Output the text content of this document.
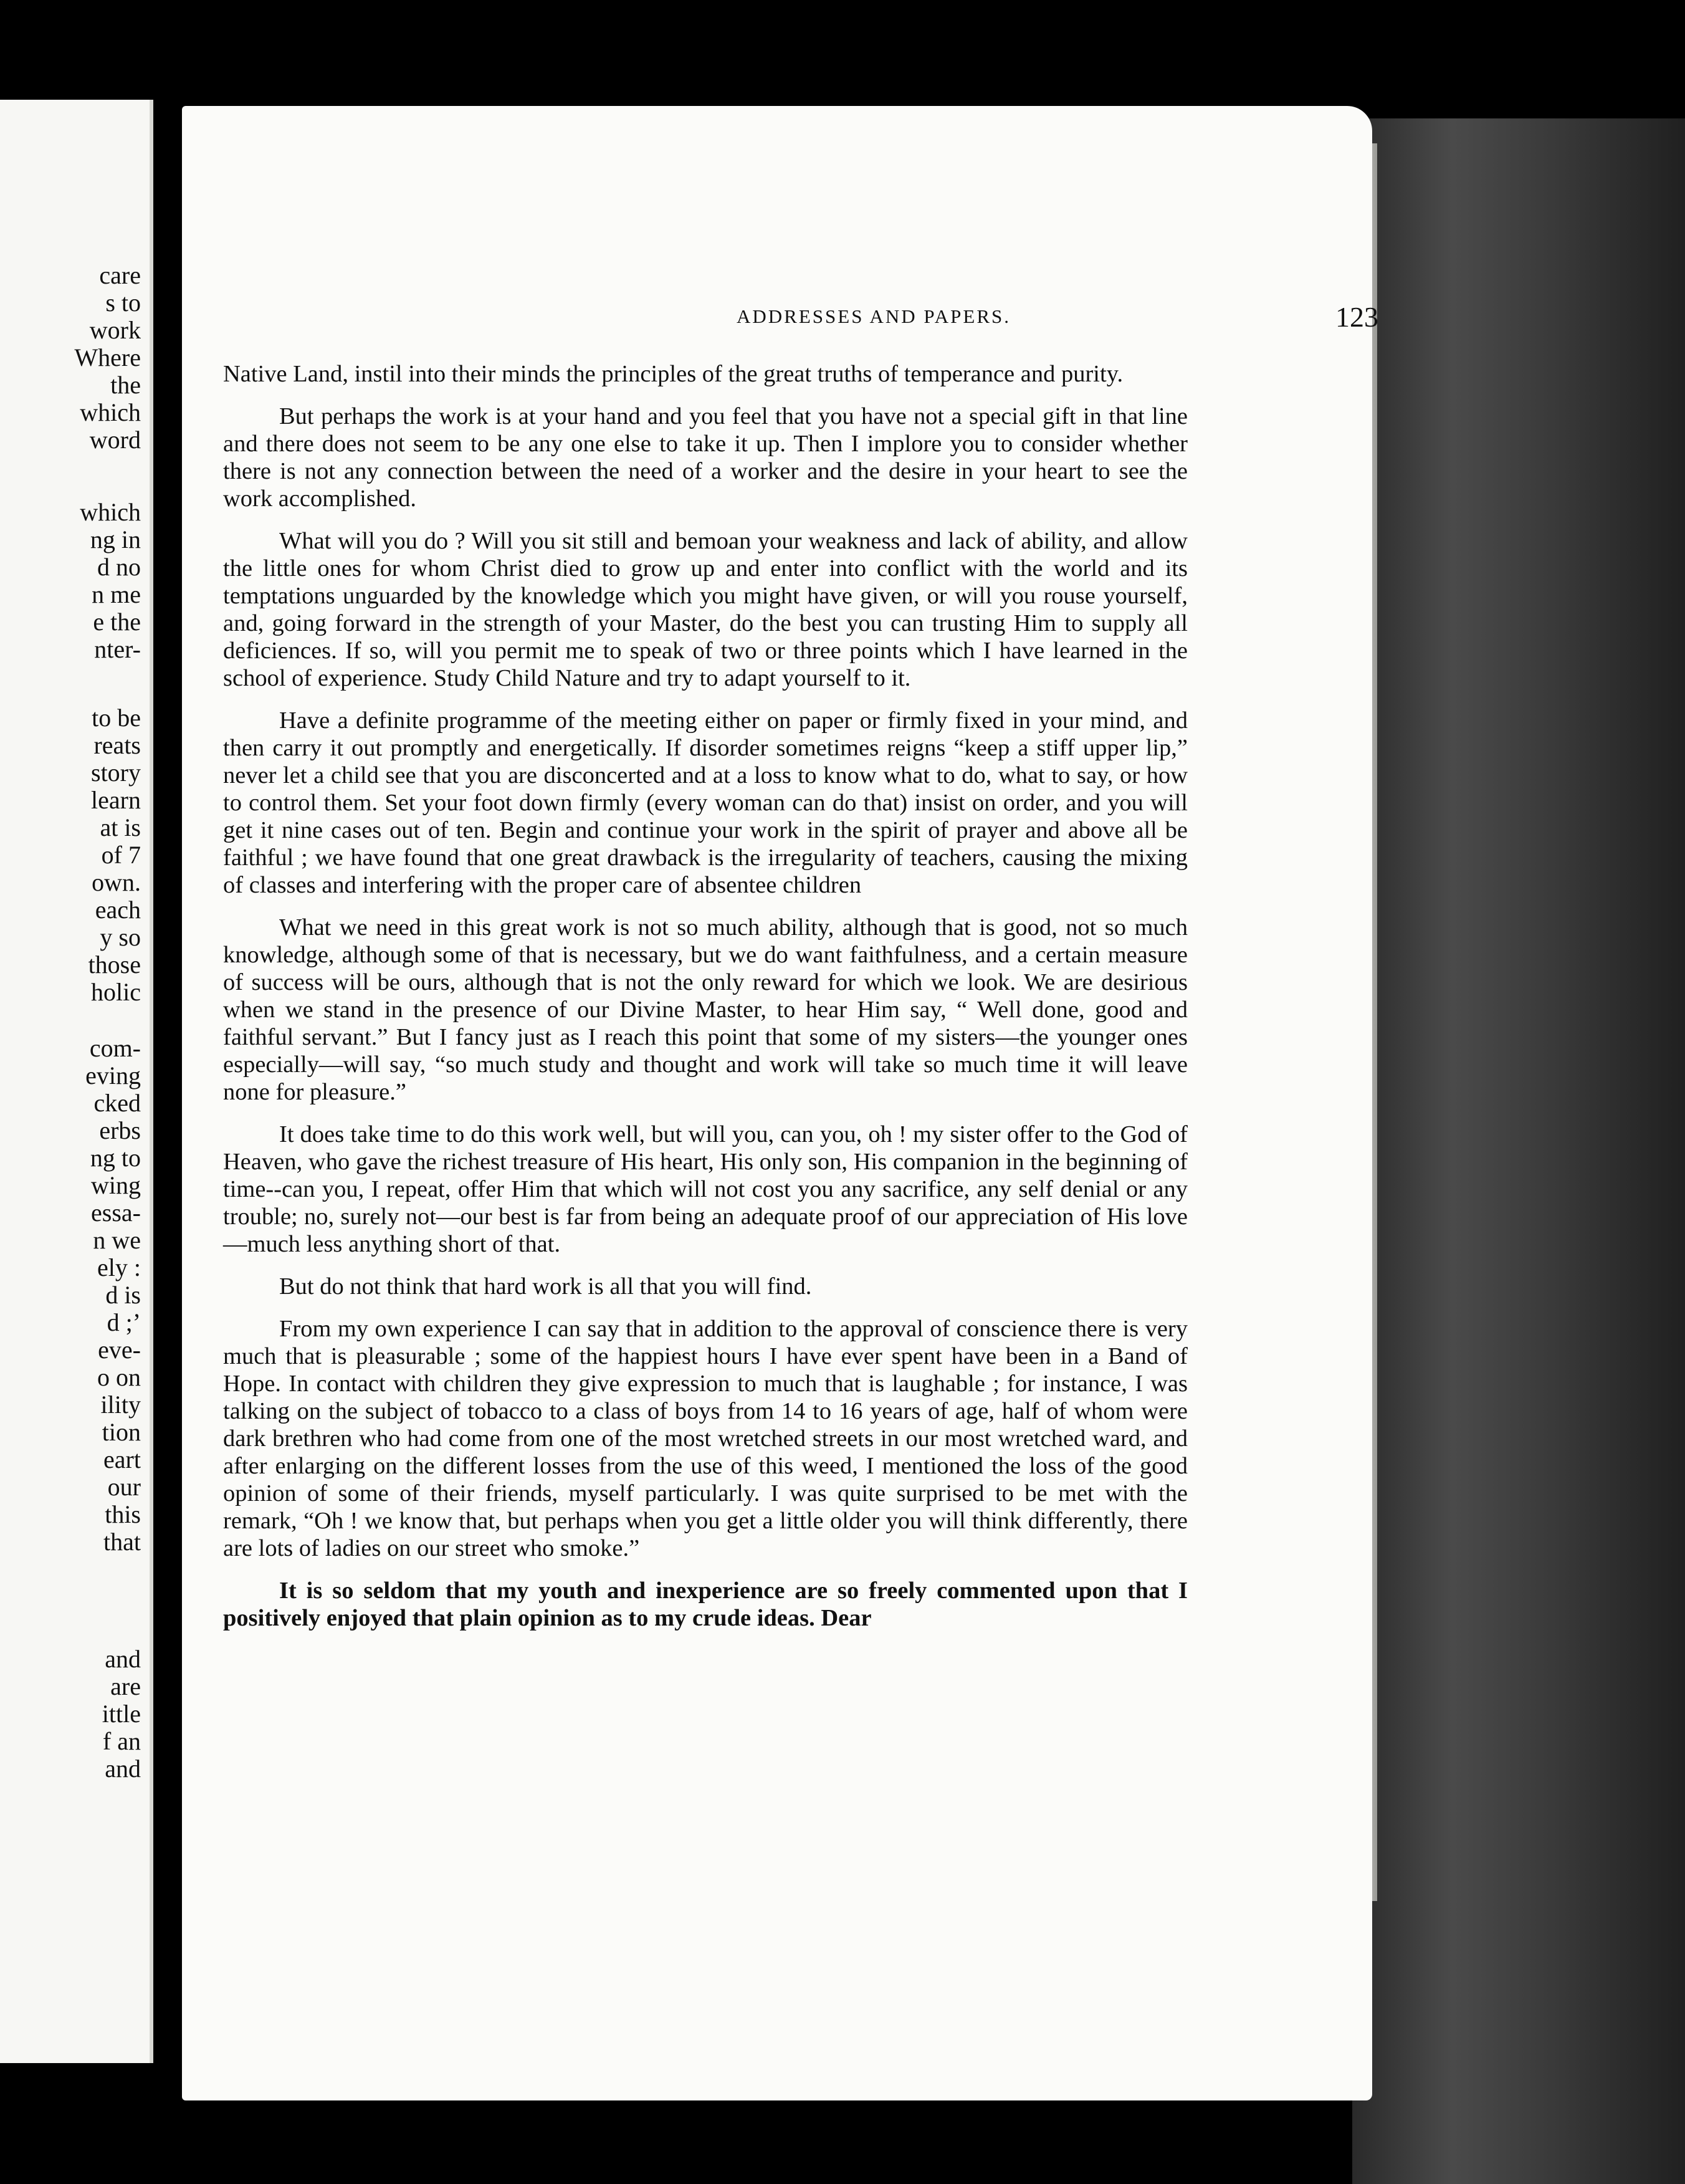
care
s to
work
Where
the
which
word
which
ng in
d no
n me
e the
nter-
to be
reats
story
learn
at is
of 7
own.
each
y so
those
holic
com-
eving
cked
erbs
ng to
wing
essa-
n we
ely :
d is
d ;’
eve-
o on
ility
tion
eart
our
this
that
and
are
ittle
f an
and
ADDRESSES AND PAPERS.	123

Native Land, instil into their minds the principles of the great truths of temperance and purity.

But perhaps the work is at your hand and you feel that you have not a special gift in that line and there does not seem to be any one else to take it up. Then I implore you to consider whether there is not any connection between the need of a worker and the desire in your heart to see the work accomplished.

What will you do ? Will you sit still and bemoan your weakness and lack of ability, and allow the little ones for whom Christ died to grow up and enter into conflict with the world and its temptations unguarded by the knowledge which you might have given, or will you rouse yourself, and, going forward in the strength of your Master, do the best you can trusting Him to supply all deficiences. If so, will you permit me to speak of two or three points which I have learned in the school of experience. Study Child Nature and try to adapt yourself to it.

Have a definite programme of the meeting either on paper or firmly fixed in your mind, and then carry it out promptly and energetically. If disorder sometimes reigns “keep a stiff upper lip,” never let a child see that you are disconcerted and at a loss to know what to do, what to say, or how to control them. Set your foot down firmly (every woman can do that) insist on order, and you will get it nine cases out of ten. Begin and continue your work in the spirit of prayer and above all be faithful ; we have found that one great drawback is the irregularity of teachers, causing the mixing of classes and interfering with the proper care of absentee children

What we need in this great work is not so much ability, although that is good, not so much knowledge, although some of that is necessary, but we do want faithfulness, and a certain measure of success will be ours, although that is not the only reward for which we look. We are desirious when we stand in the presence of our Divine Master, to hear Him say, “ Well done, good and faithful servant.” But I fancy just as I reach this point that some of my sisters—the younger ones especially—will say, “so much study and thought and work will take so much time it will leave none for pleasure.”

It does take time to do this work well, but will you, can you, oh ! my sister offer to the God of Heaven, who gave the richest treasure of His heart, His only son, His companion in the beginning of time--can you, I repeat, offer Him that which will not cost you any sacrifice, any self denial or any trouble; no, surely not—our best is far from being an adequate proof of our appreciation of His love —much less anything short of that.

But do not think that hard work is all that you will find.

From my own experience I can say that in addition to the approval of conscience there is very much that is pleasurable ; some of the happiest hours I have ever spent have been in a Band of Hope. In contact with children they give expression to much that is laughable ; for instance, I was talking on the subject of tobacco to a class of boys from 14 to 16 years of age, half of whom were dark brethren who had come from one of the most wretched streets in our most wretched ward, and after enlarging on the different losses from the use of this weed, I mentioned the loss of the good opinion of some of their friends, myself particularly. I was quite surprised to be met with the remark, “Oh ! we know that, but perhaps when you get a little older you will think differently, there are lots of ladies on our street who smoke.”

It is so seldom that my youth and inexperience are so freely commented upon that I positively enjoyed that plain opinion as to my crude ideas. Dear
